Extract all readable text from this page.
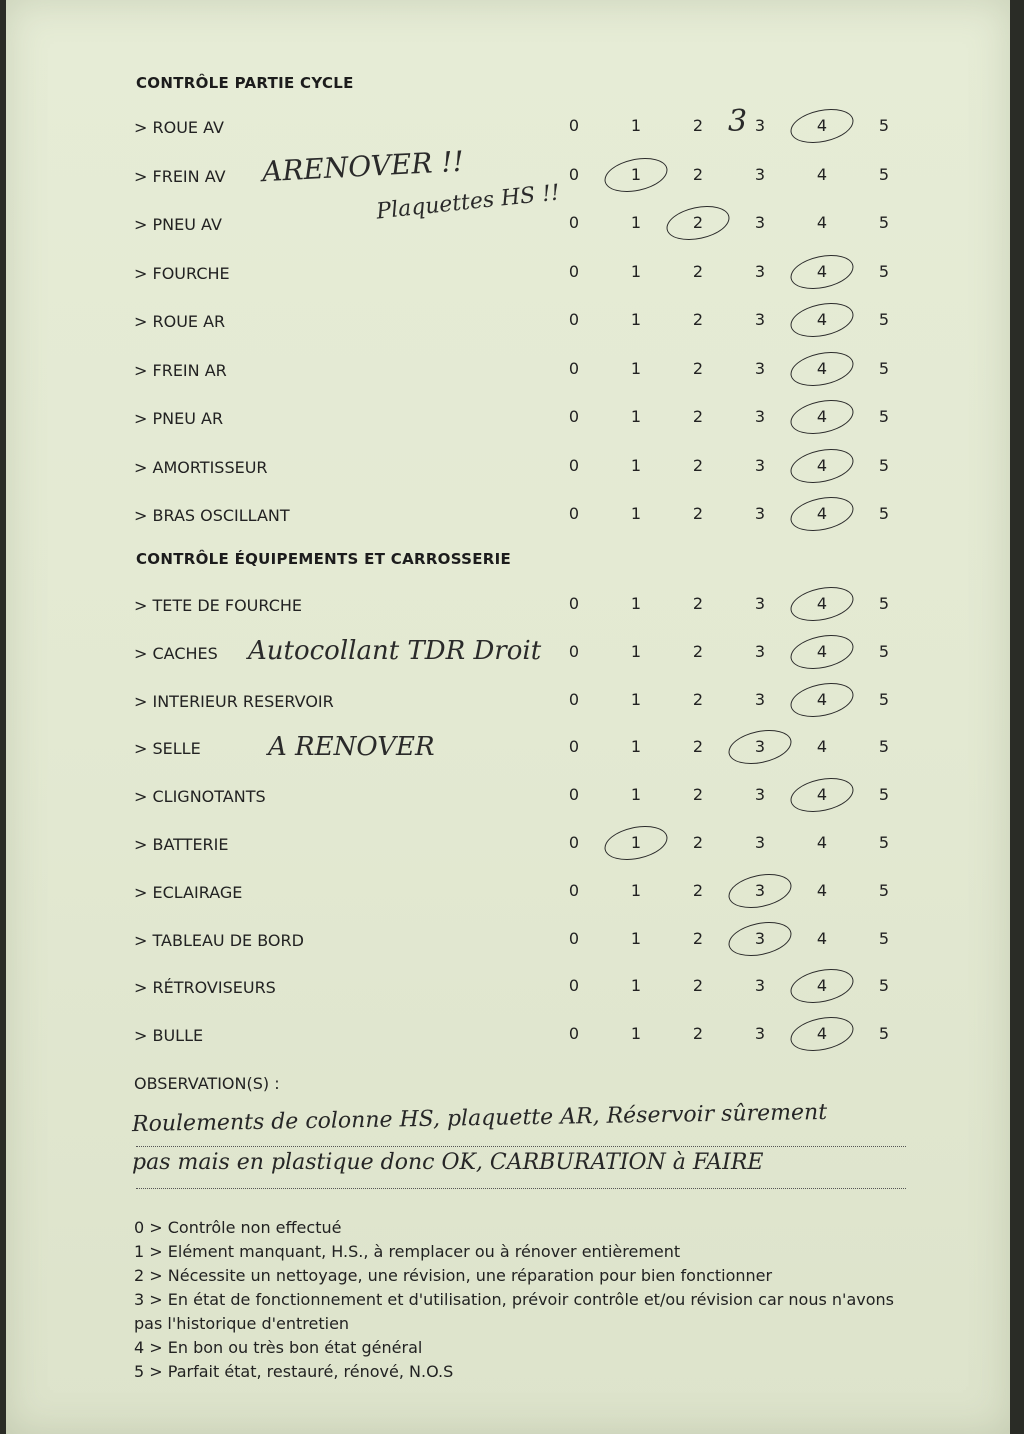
CONTRÔLE PARTIE CYCLE
> ROUE AV	0	1	2	3	4	5
> FREIN AV	0	1	2	3	4	5
> PNEU AV	0	1	2	3	4	5
> FOURCHE	0	1	2	3	4	5
> ROUE AR	0	1	2	3	4	5
> FREIN AR	0	1	2	3	4	5
> PNEU AR	0	1	2	3	4	5
> AMORTISSEUR	0	1	2	3	4	5
> BRAS OSCILLANT	0	1	2	3	4	5
CONTRÔLE ÉQUIPEMENTS ET CARROSSERIE
> TETE DE FOURCHE	0	1	2	3	4	5
> CACHES	0	1	2	3	4	5
> INTERIEUR RESERVOIR	0	1	2	3	4	5
> SELLE	0	1	2	3	4	5
> CLIGNOTANTS	0	1	2	3	4	5
> BATTERIE	0	1	2	3	4	5
> ECLAIRAGE	0	1	2	3	4	5
> TABLEAU DE BORD	0	1	2	3	4	5
> RÉTROVISEURS	0	1	2	3	4	5
> BULLE	0	1	2	3	4	5
3
ARENOVER !!
Plaquettes HS !!
Autocollant TDR Droit
A RENOVER
OBSERVATION(S) :
Roulements de colonne HS, plaquette AR, Réservoir sûrement
pas mais en plastique donc OK, CARBURATION à FAIRE
0 > Contrôle non effectué
1 > Elément manquant, H.S., à remplacer ou à rénover entièrement
2 > Nécessite un nettoyage, une révision, une réparation pour bien fonctionner
3 > En état de fonctionnement et d'utilisation, prévoir contrôle et/ou révision car nous n'avons pas l'historique d'entretien
4 > En bon ou très bon état général
5 > Parfait état, restauré, rénové, N.O.S
